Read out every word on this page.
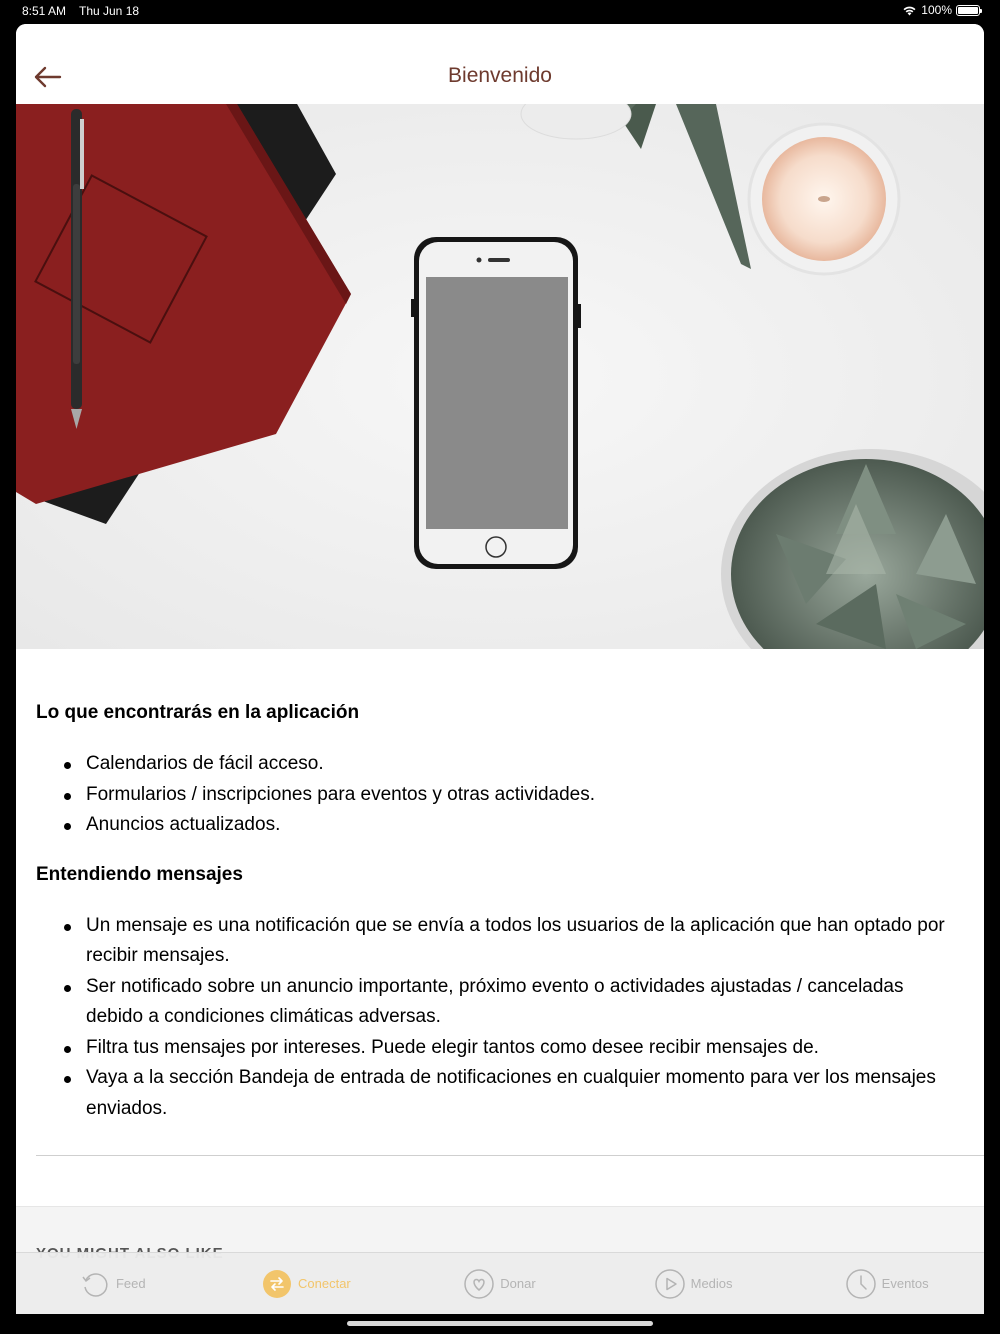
8:51 AM Thu Jun 18	100%
Bienvenido
Lo que encontrarás en la aplicación
Calendarios de fácil acceso.
Formularios / inscripciones para eventos y otras actividades.
Anuncios actualizados.
Entendiendo mensajes
Un mensaje es una notificación que se envía a todos los usuarios de la aplicación que han optado por recibir mensajes.
Ser notificado sobre un anuncio importante, próximo evento o actividades ajustadas / canceladas debido a condiciones climáticas adversas.
Filtra tus mensajes por intereses. Puede elegir tantos como desee recibir mensajes de.
Vaya a la sección Bandeja de entrada de notificaciones en cualquier momento para ver los mensajes enviados.
Feed	Conectar	Donar	Medios	Eventos
